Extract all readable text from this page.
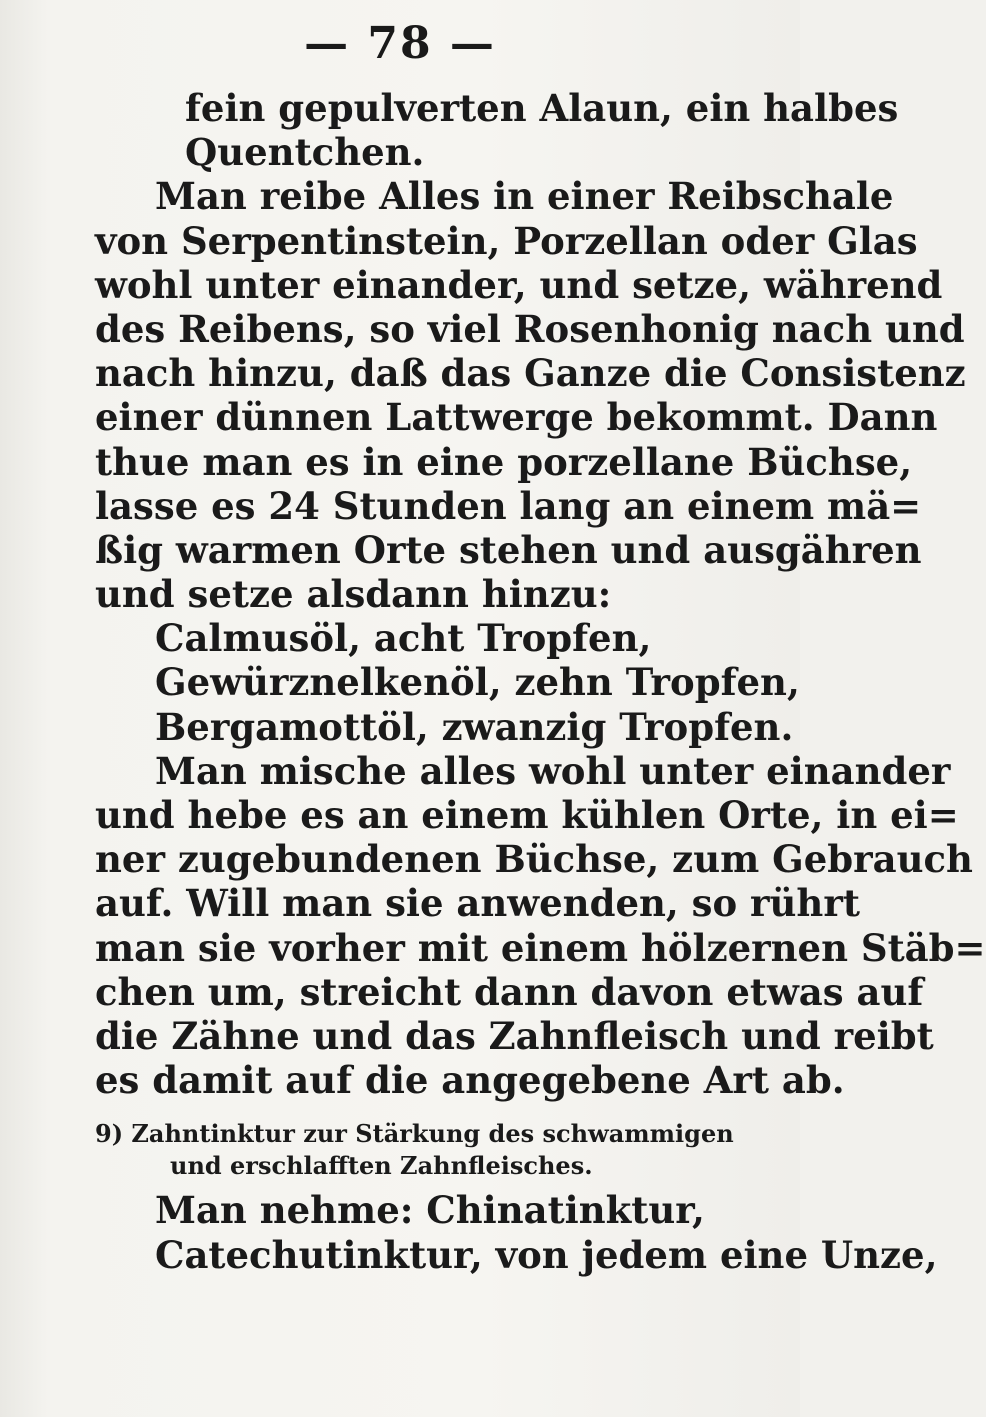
— 78 —
fein gepulverten Alaun, ein halbes
Quentchen.
Man reibe Alles in einer Reibschale
von Serpentinstein, Porzellan oder Glas
wohl unter einander, und setze, während
des Reibens, so viel Rosenhonig nach und
nach hinzu, daß das Ganze die Consistenz
einer dünnen Lattwerge bekommt. Dann
thue man es in eine porzellane Büchse,
lasse es 24 Stunden lang an einem mä=
ßig warmen Orte stehen und ausgähren
und setze alsdann hinzu:
Calmusöl, acht Tropfen,
Gewürznelkenöl, zehn Tropfen,
Bergamottöl, zwanzig Tropfen.
Man mische alles wohl unter einander
und hebe es an einem kühlen Orte, in ei=
ner zugebundenen Büchse, zum Gebrauch
auf. Will man sie anwenden, so rührt
man sie vorher mit einem hölzernen Stäb=
chen um, streicht dann davon etwas auf
die Zähne und das Zahnfleisch und reibt
es damit auf die angegebene Art ab.
9) Zahntinktur zur Stärkung des schwammigen
und erschlafften Zahnfleisches.
Man nehme: Chinatinktur,
Catechutinktur, von jedem eine Unze,
